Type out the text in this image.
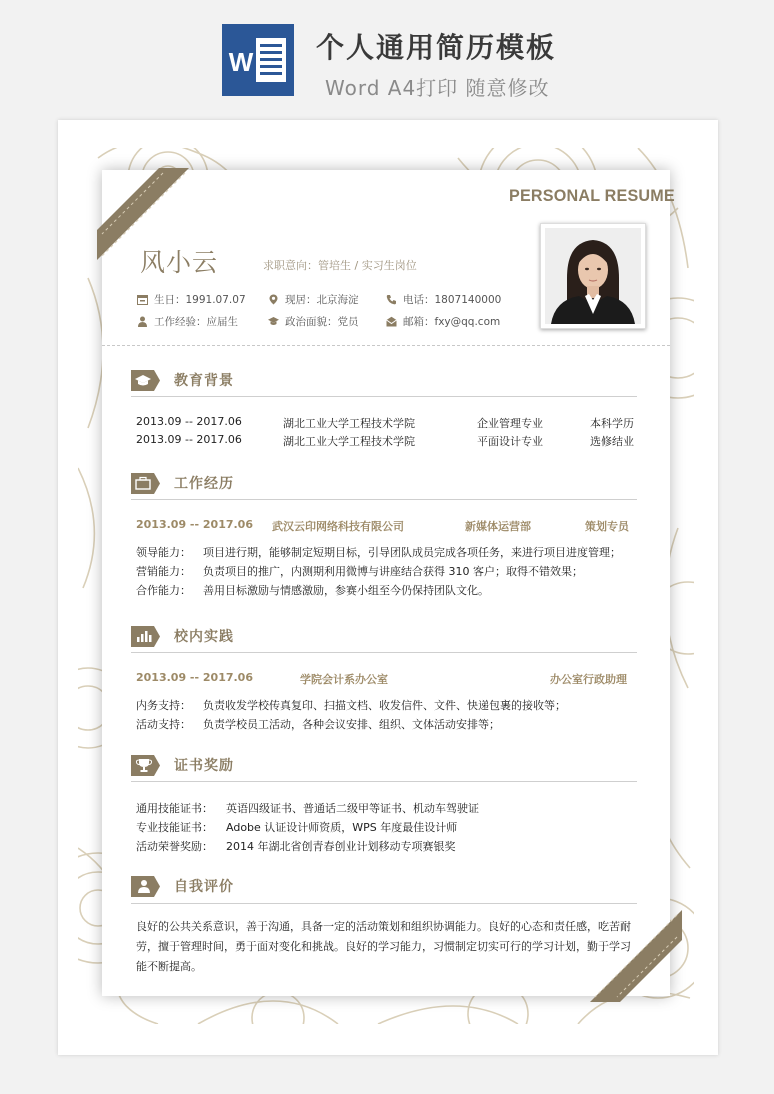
W 个人通用简历模板
Word A4打印 随意修改
PERSONAL RESUME
风小云	求职意向：管培生 / 实习生岗位
生日：1991.07.07	现居：北京海淀	电话：1807140000
工作经验：应届生	政治面貌：党员	邮箱：fxy@qq.com
教育背景
2013.09 -- 2017.06	湖北工业大学工程技术学院	企业管理专业	本科学历
2013.09 -- 2017.06	湖北工业大学工程技术学院	平面设计专业	选修结业
工作经历
2013.09 -- 2017.06 武汉云印网络科技有限公司	新媒体运营部	策划专员
领导能力： 项目进行期，能够制定短期目标，引导团队成员完成各项任务，来进行项目进度管理；
营销能力： 负责项目的推广，内测期利用微博与讲座结合获得 310 客户；取得不错效果；
合作能力： 善用目标激励与情感激励，参赛小组至今仍保持团队文化。
校内实践
2013.09 -- 2017.06	学院会计系办公室	办公室行政助理
内务支持： 负责收发学校传真复印、扫描文档、收发信件、文件、快递包裹的接收等；
活动支持： 负责学校员工活动，各种会议安排、组织、文体活动安排等；
证书奖励
通用技能证书： 英语四级证书、普通话二级甲等证书、机动车驾驶证
专业技能证书： Adobe 认证设计师资质，WPS 年度最佳设计师
活动荣誉奖励： 2014 年湖北省创青春创业计划移动专项赛银奖
自我评价
良好的公共关系意识，善于沟通，具备一定的活动策划和组织协调能力。良好的心态和责任感，吃苦耐劳，擅于管理时间，勇于面对变化和挑战。良好的学习能力，习惯制定切实可行的学习计划，勤于学习能不断提高。
